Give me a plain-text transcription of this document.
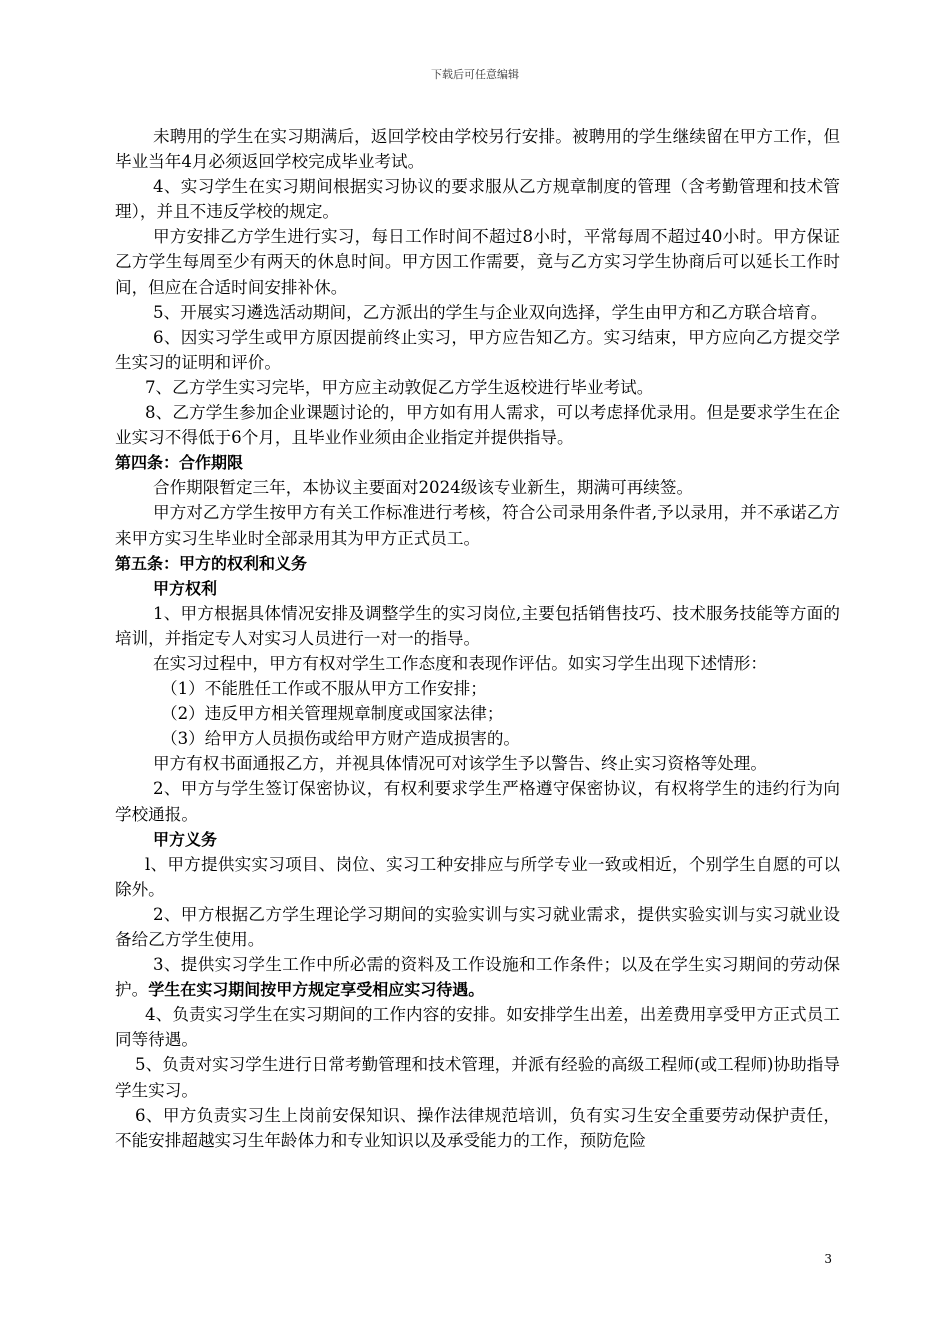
下载后可任意编辑

未聘用的学生在实习期满后，返回学校由学校另行安排。被聘用的学生继续留在甲方工作，但毕业当年4月必须返回学校完成毕业考试。

4、实习学生在实习期间根据实习协议的要求服从乙方规章制度的管理（含考勤管理和技术管理），并且不违反学校的规定。

甲方安排乙方学生进行实习，每日工作时间不超过8小时，平常每周不超过40小时。甲方保证乙方学生每周至少有两天的休息时间。甲方因工作需要，竟与乙方实习学生协商后可以延长工作时间，但应在合适时间安排补休。

5、开展实习遴选活动期间，乙方派出的学生与企业双向选择，学生由甲方和乙方联合培育。

6、因实习学生或甲方原因提前终止实习，甲方应告知乙方。实习结束，甲方应向乙方提交学生实习的证明和评价。

7、乙方学生实习完毕，甲方应主动敦促乙方学生返校进行毕业考试。

8、乙方学生参加企业课题讨论的，甲方如有用人需求，可以考虑择优录用。但是要求学生在企业实习不得低于6个月，且毕业作业须由企业指定并提供指导。

第四条：合作期限

合作期限暂定三年，本协议主要面对2024级该专业新生，期满可再续签。

甲方对乙方学生按甲方有关工作标准进行考核，符合公司录用条件者,予以录用，并不承诺乙方来甲方实习生毕业时全部录用其为甲方正式员工。

第五条：甲方的权利和义务

甲方权利

1、甲方根据具体情况安排及调整学生的实习岗位,主要包括销售技巧、技术服务技能等方面的培训，并指定专人对实习人员进行一对一的指导。

在实习过程中，甲方有权对学生工作态度和表现作评估。如实习学生出现下述情形：

（1）不能胜任工作或不服从甲方工作安排；

（2）违反甲方相关管理规章制度或国家法律；

（3）给甲方人员损伤或给甲方财产造成损害的。

甲方有权书面通报乙方，并视具体情况可对该学生予以警告、终止实习资格等处理。

2、甲方与学生签订保密协议，有权利要求学生严格遵守保密协议，有权将学生的违约行为向学校通报。

甲方义务

l、甲方提供实实习项目、岗位、实习工种安排应与所学专业一致或相近，个别学生自愿的可以除外。

2、甲方根据乙方学生理论学习期间的实验实训与实习就业需求，提供实验实训与实习就业设备给乙方学生使用。

3、提供实习学生工作中所必需的资料及工作设施和工作条件；以及在学生实习期间的劳动保护。学生在实习期间按甲方规定享受相应实习待遇。

4、负责实习学生在实习期间的工作内容的安排。如安排学生出差，出差费用享受甲方正式员工同等待遇。

5、负责对实习学生进行日常考勤管理和技术管理，并派有经验的高级工程师(或工程师)协助指导学生实习。

6、甲方负责实习生上岗前安保知识、操作法律规范培训，负有实习生安全重要劳动保护责任，不能安排超越实习生年龄体力和专业知识以及承受能力的工作，预防危险

3
